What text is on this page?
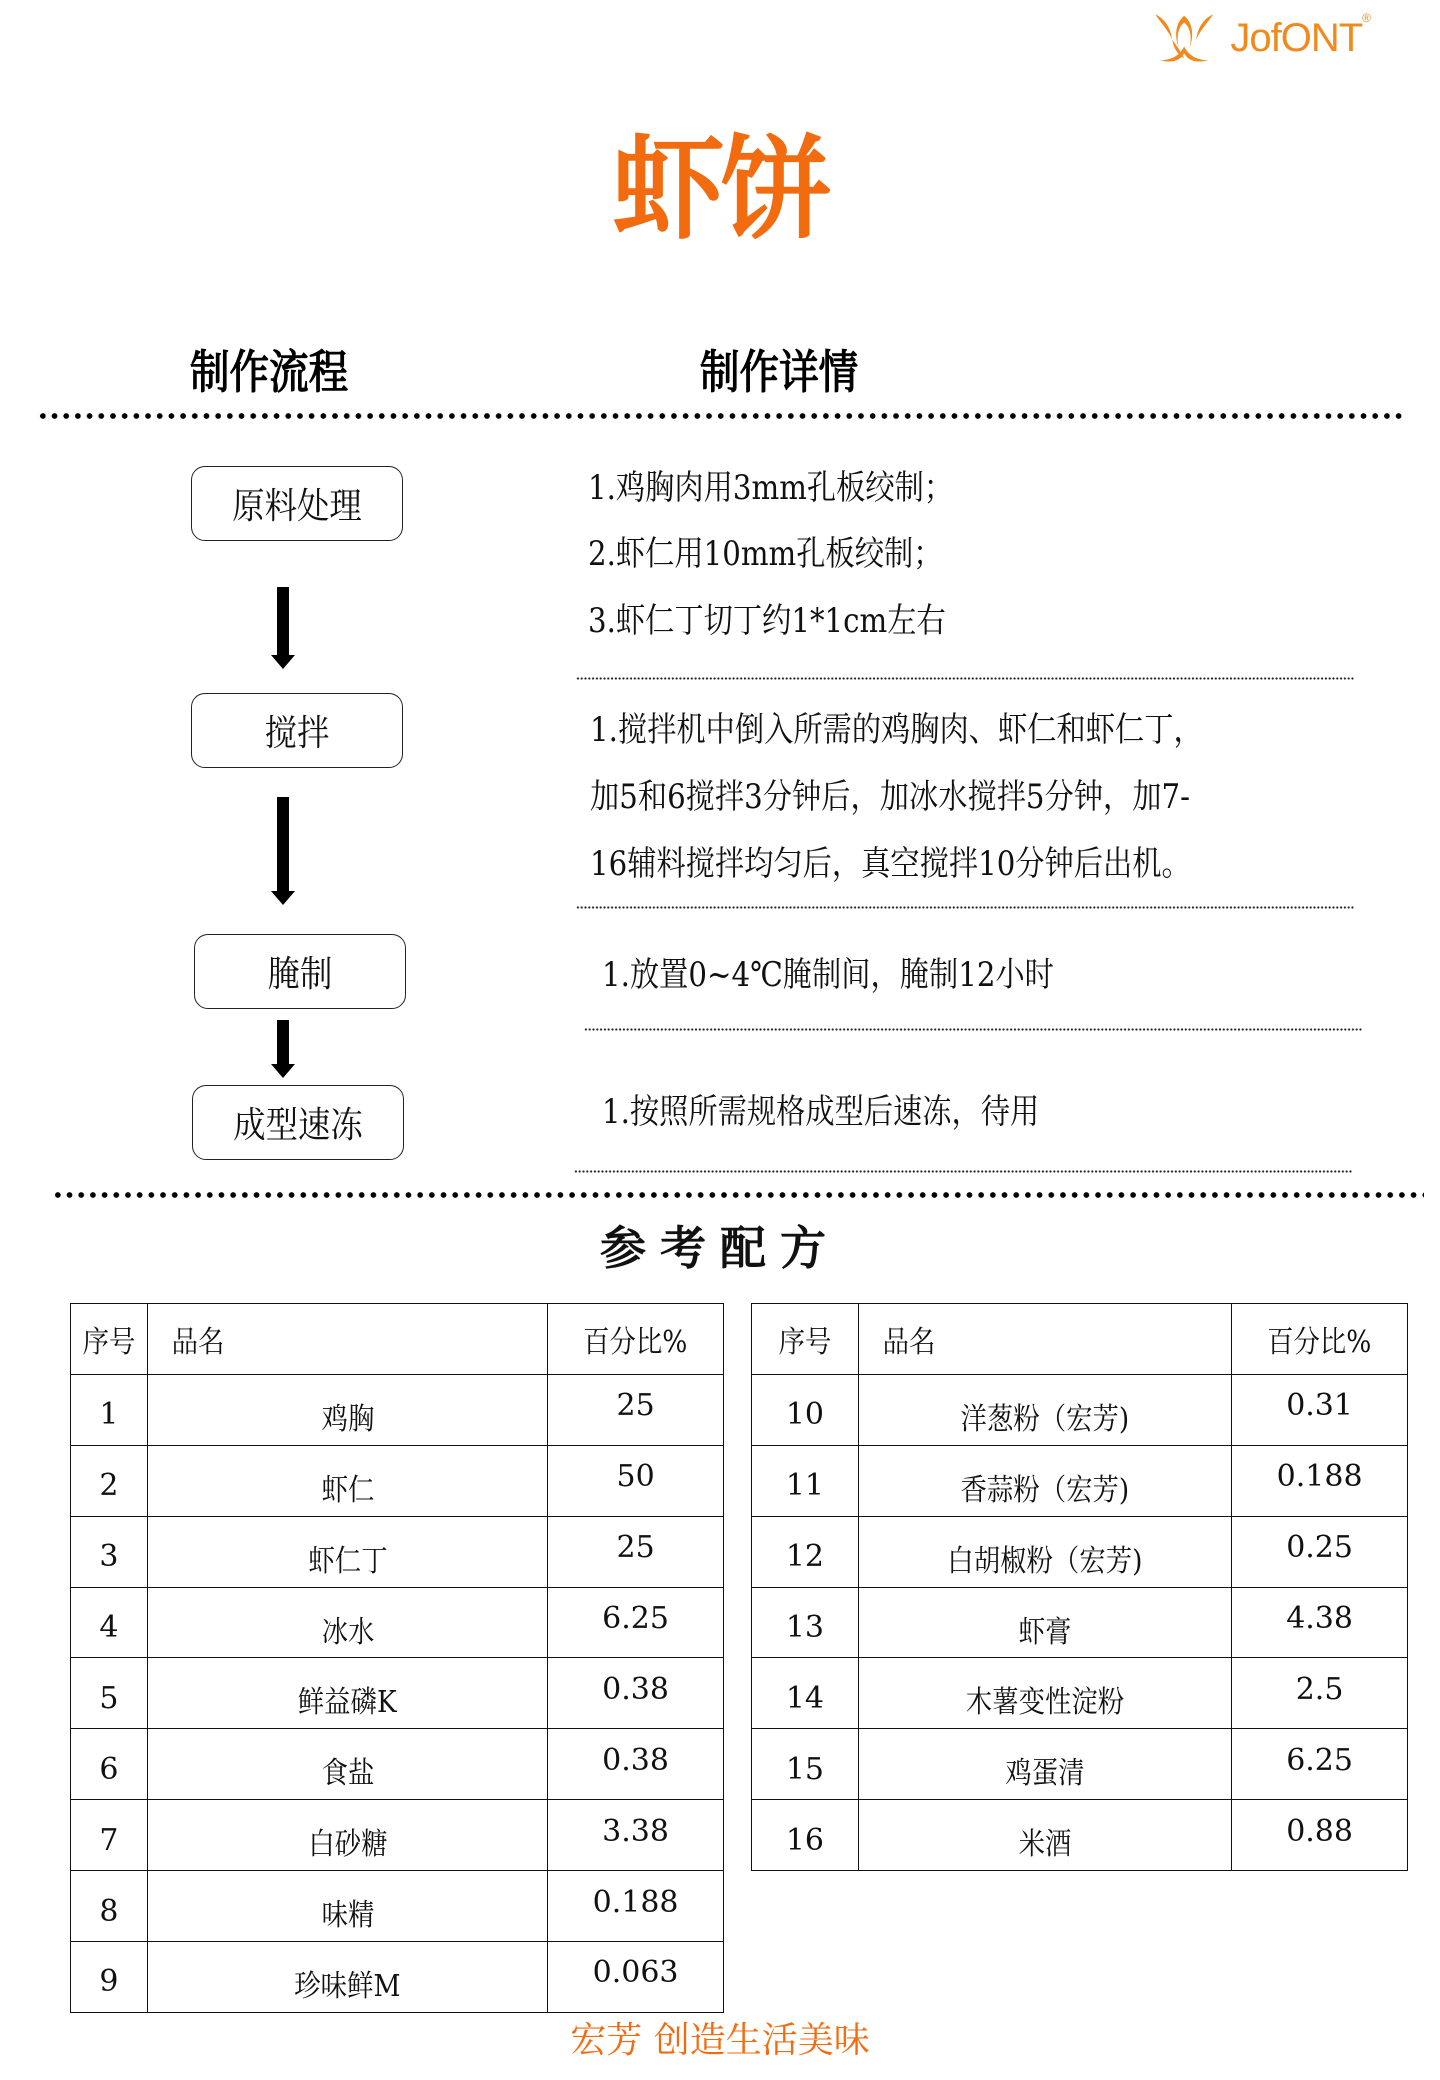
JofONT®
虾饼
制作流程	制作详情
原料处理
搅拌
腌制
成型速冻
1.鸡胸肉用3mm孔板绞制；
2.虾仁用10mm孔板绞制；
3.虾仁丁切丁约1*1cm左右
1.搅拌机中倒入所需的鸡胸肉、虾仁和虾仁丁，
加5和6搅拌3分钟后，加冰水搅拌5分钟，加7-
16辅料搅拌均匀后，真空搅拌10分钟后出机。
1.放置0~4℃腌制间，腌制12小时
1.按照所需规格成型后速冻，待用
参考配方
序号	品名	百分比%
1	鸡胸	25
2	虾仁	50
3	虾仁丁	25
4	冰水	6.25
5	鲜益磷K	0.38
6	食盐	0.38
7	白砂糖	3.38
8	味精	0.188
9	珍味鲜M	0.063
序号	品名	百分比%
10	洋葱粉（宏芳)	0.31
11	香蒜粉（宏芳)	0.188
12	白胡椒粉（宏芳)	0.25
13	虾膏	4.38
14	木薯变性淀粉	2.5
15	鸡蛋清	6.25
16	米酒	0.88
宏芳 创造生活美味
